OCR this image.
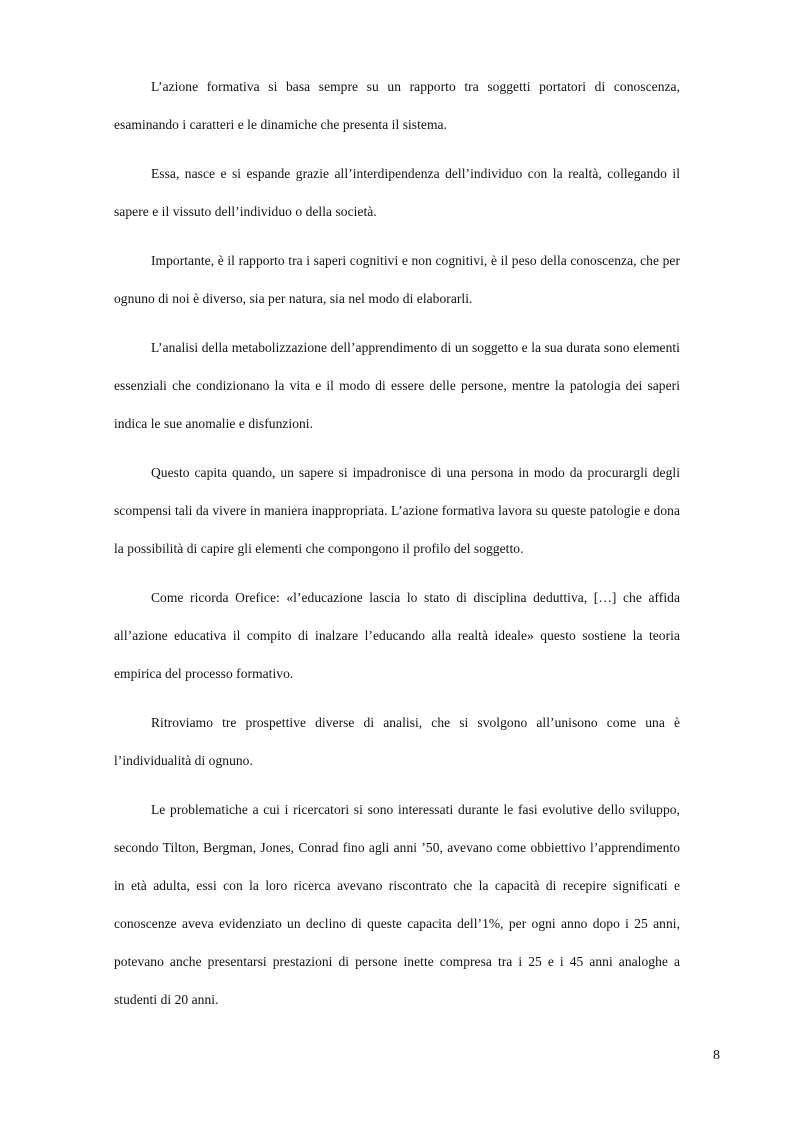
L’azione formativa si basa sempre su un rapporto tra soggetti portatori di conoscenza, esaminando i caratteri e le dinamiche che presenta il sistema.

Essa, nasce e si espande grazie all’interdipendenza dell’individuo con la realtà, collegando il sapere e il vissuto dell’individuo o della società.

Importante, è il rapporto tra i saperi cognitivi e non cognitivi, è il peso della conoscenza, che per ognuno di noi è diverso, sia per natura, sia nel modo di elaborarli.

L’analisi della metabolizzazione dell’apprendimento di un soggetto e la sua durata sono elementi essenziali che condizionano la vita e il modo di essere delle persone, mentre la patologia dei saperi indica le sue anomalie e disfunzioni.

Questo capita quando, un sapere si impadronisce di una persona in modo da procurargli degli scompensi tali da vivere in maniera inappropriata. L’azione formativa lavora su queste patologie e dona la possibilità di capire gli elementi che compongono il profilo del soggetto.

Come ricorda Orefice: «l’educazione lascia lo stato di disciplina deduttiva, […] che affida all’azione educativa il compito di inalzare l’educando alla realtà ideale» questo sostiene la teoria empirica del processo formativo.

Ritroviamo tre prospettive diverse di analisi, che si svolgono all’unisono come una è l’individualità di ognuno.

Le problematiche a cui i ricercatori si sono interessati durante le fasi evolutive dello sviluppo, secondo Tilton, Bergman, Jones, Conrad fino agli anni ’50, avevano come obbiettivo l’apprendimento in età adulta, essi con la loro ricerca avevano riscontrato che la capacità di recepire significati e conoscenze aveva evidenziato un declino di queste capacita dell’1%, per ogni anno dopo i 25 anni, potevano anche presentarsi prestazioni di persone inette compresa tra i 25 e i 45 anni analoghe a studenti di 20 anni.

8
